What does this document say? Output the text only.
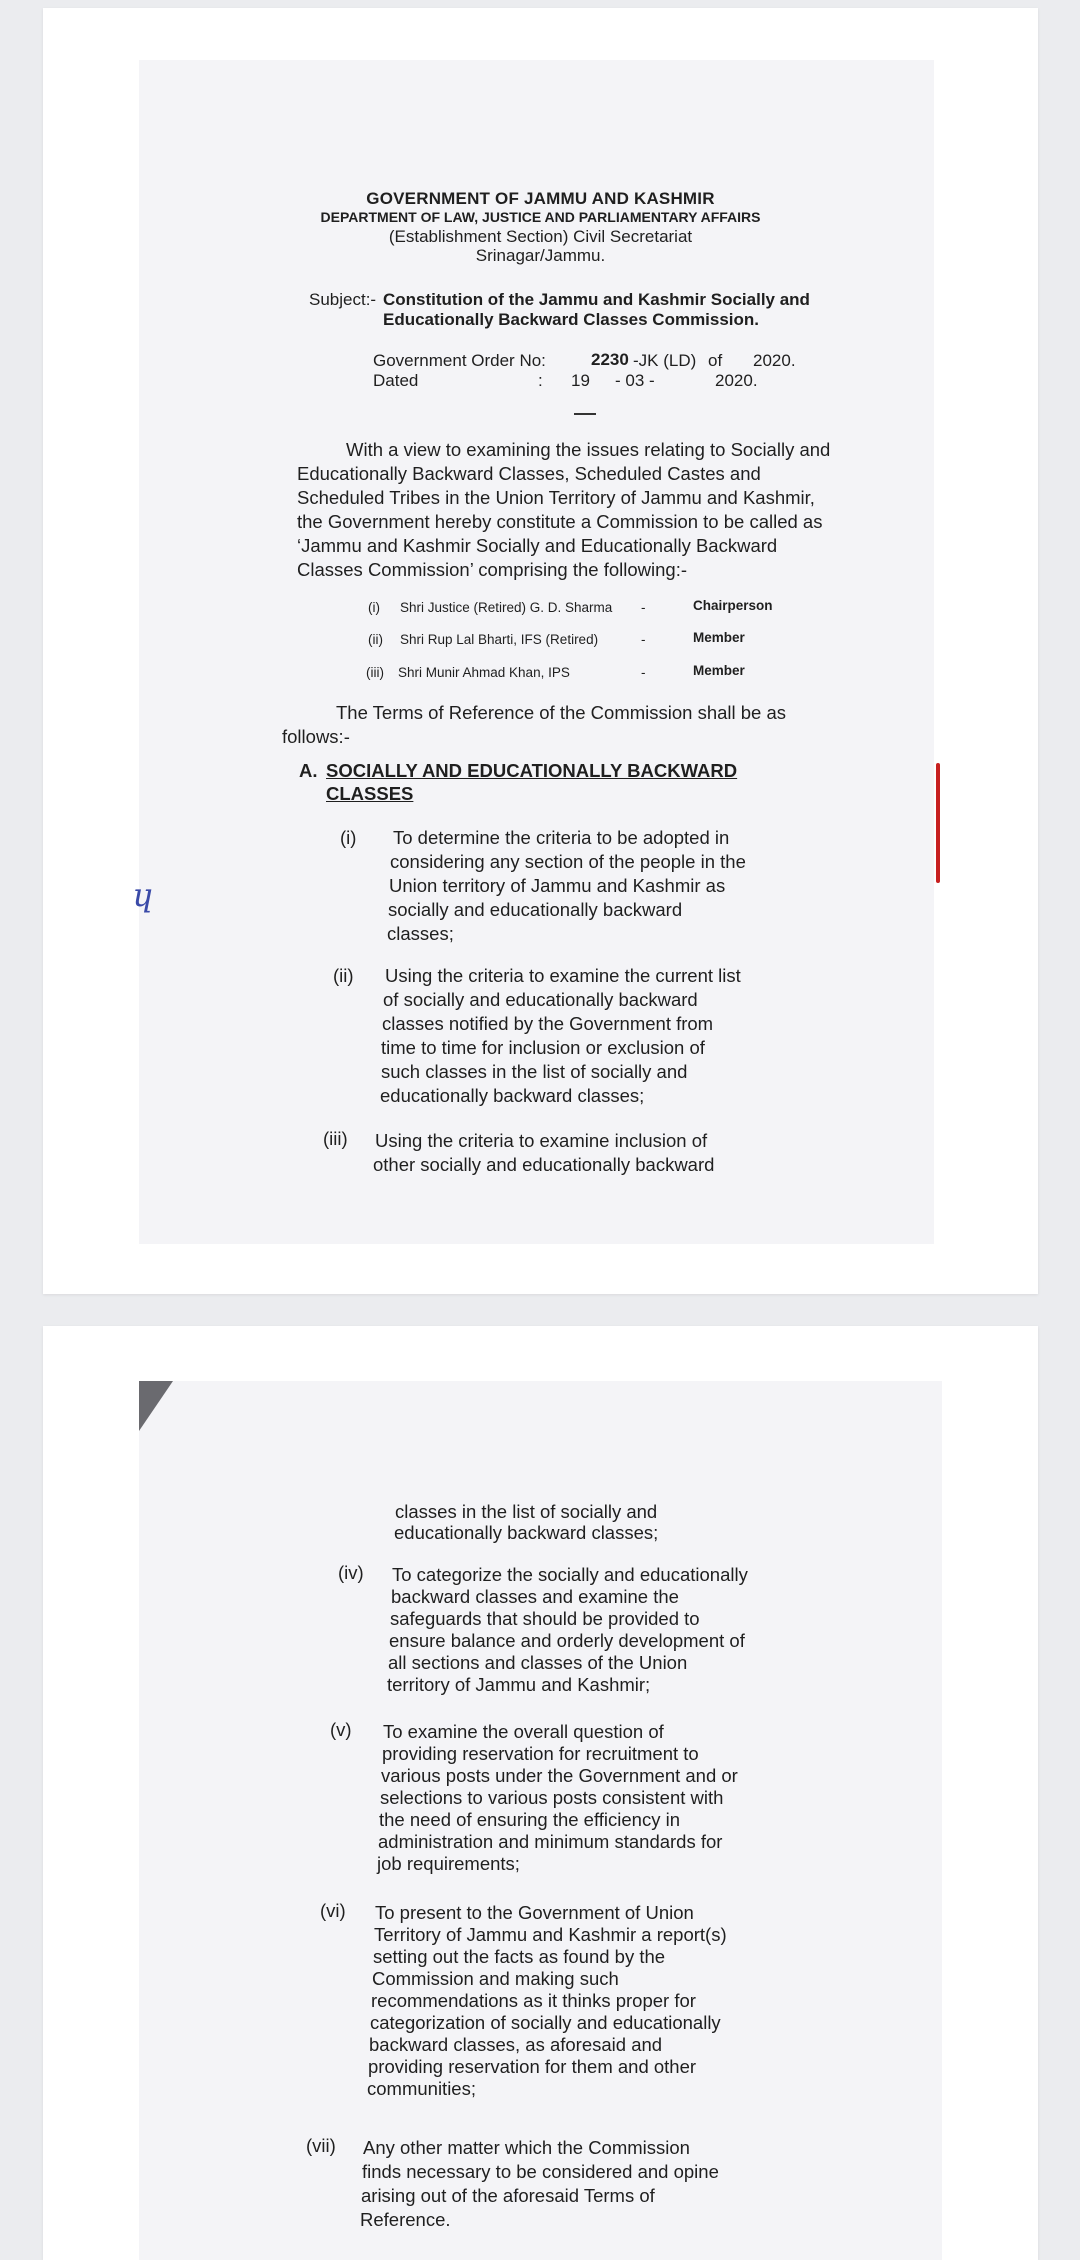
GOVERNMENT OF JAMMU AND KASHMIR
DEPARTMENT OF LAW, JUSTICE AND PARLIAMENTARY AFFAIRS
(Establishment Section) Civil Secretariat
Srinagar/Jammu.
Subject:- Constitution of the Jammu and Kashmir Socially and
Educationally Backward Classes Commission.
Government Order No:	2230 -JK (LD) of 2020.
Dated	: 19 - 03 -	2020.
With a view to examining the issues relating to Socially and
Educationally Backward Classes, Scheduled Castes and
Scheduled Tribes in the Union Territory of Jammu and Kashmir,
the Government hereby constitute a Commission to be called as
‘Jammu and Kashmir Socially and Educationally Backward
Classes Commission’ comprising the following:-
(i) Shri Justice (Retired) G. D. Sharma -	Chairperson
(ii) Shri Rup Lal Bharti, IFS (Retired)	-	Member
(iii) Shri Munir Ahmad Khan, IPS	-	Member
The Terms of Reference of the Commission shall be as
follows:-
A. SOCIALLY AND EDUCATIONALLY BACKWARD
CLASSES
(i) To determine the criteria to be adopted in
considering any section of the people in the
Union territory of Jammu and Kashmir as
socially and educationally backward
classes;
ɥ
(ii) Using the criteria to examine the current list
of socially and educationally backward
classes notified by the Government from
time to time for inclusion or exclusion of
such classes in the list of socially and
educationally backward classes;
(iii) Using the criteria to examine inclusion of
other socially and educationally backward
classes in the list of socially and
educationally backward classes;
(iv) To categorize the socially and educationally
backward classes and examine the
safeguards that should be provided to
ensure balance and orderly development of
all sections and classes of the Union
territory of Jammu and Kashmir;
(v) To examine the overall question of
providing reservation for recruitment to
various posts under the Government and or
selections to various posts consistent with
the need of ensuring the efficiency in
administration and minimum standards for
job requirements;
(vi) To present to the Government of Union
Territory of Jammu and Kashmir a report(s)
setting out the facts as found by the
Commission and making such
recommendations as it thinks proper for
categorization of socially and educationally
backward classes, as aforesaid and
providing reservation for them and other
communities;
(vii) Any other matter which the Commission
finds necessary to be considered and opine
arising out of the aforesaid Terms of
Reference.
